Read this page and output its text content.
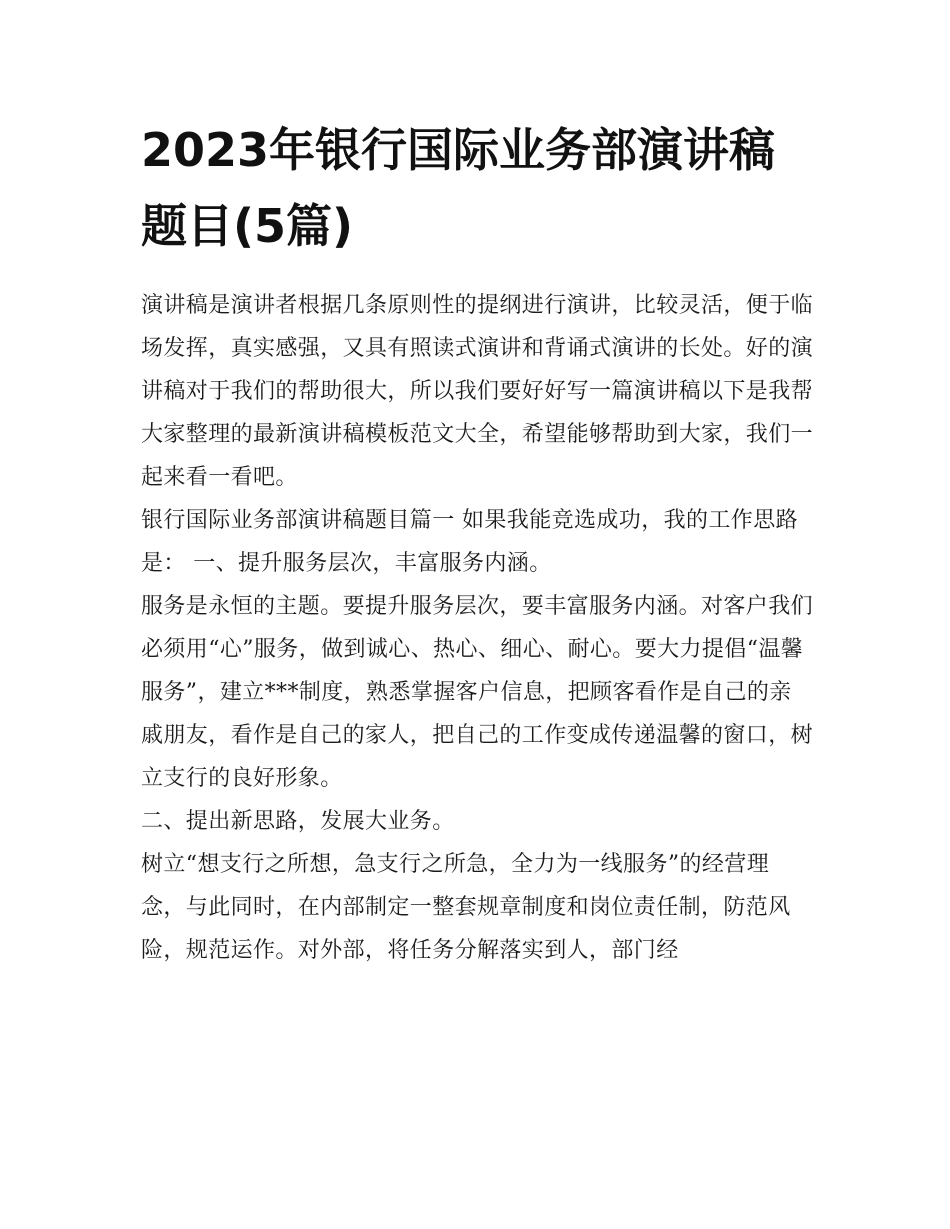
2023年银行国际业务部演讲稿题目(5篇)

演讲稿是演讲者根据几条原则性的提纲进行演讲，比较灵活，便于临场发挥，真实感强，又具有照读式演讲和背诵式演讲的长处。好的演讲稿对于我们的帮助很大，所以我们要好好写一篇演讲稿以下是我帮大家整理的最新演讲稿模板范文大全，希望能够帮助到大家，我们一起来看一看吧。

银行国际业务部演讲稿题目篇一 如果我能竞选成功，我的工作思路是： 一、提升服务层次，丰富服务内涵。

服务是永恒的主题。要提升服务层次，要丰富服务内涵。对客户我们必须用“心”服务，做到诚心、热心、细心、耐心。要大力提倡“温馨服务”，建立***制度，熟悉掌握客户信息，把顾客看作是自己的亲戚朋友，看作是自己的家人，把自己的工作变成传递温馨的窗口，树立支行的良好形象。

二、提出新思路，发展大业务。

树立“想支行之所想，急支行之所急，全力为一线服务”的经营理念，与此同时，在内部制定一整套规章制度和岗位责任制，防范风险，规范运作。对外部，将任务分解落实到人，部门经
